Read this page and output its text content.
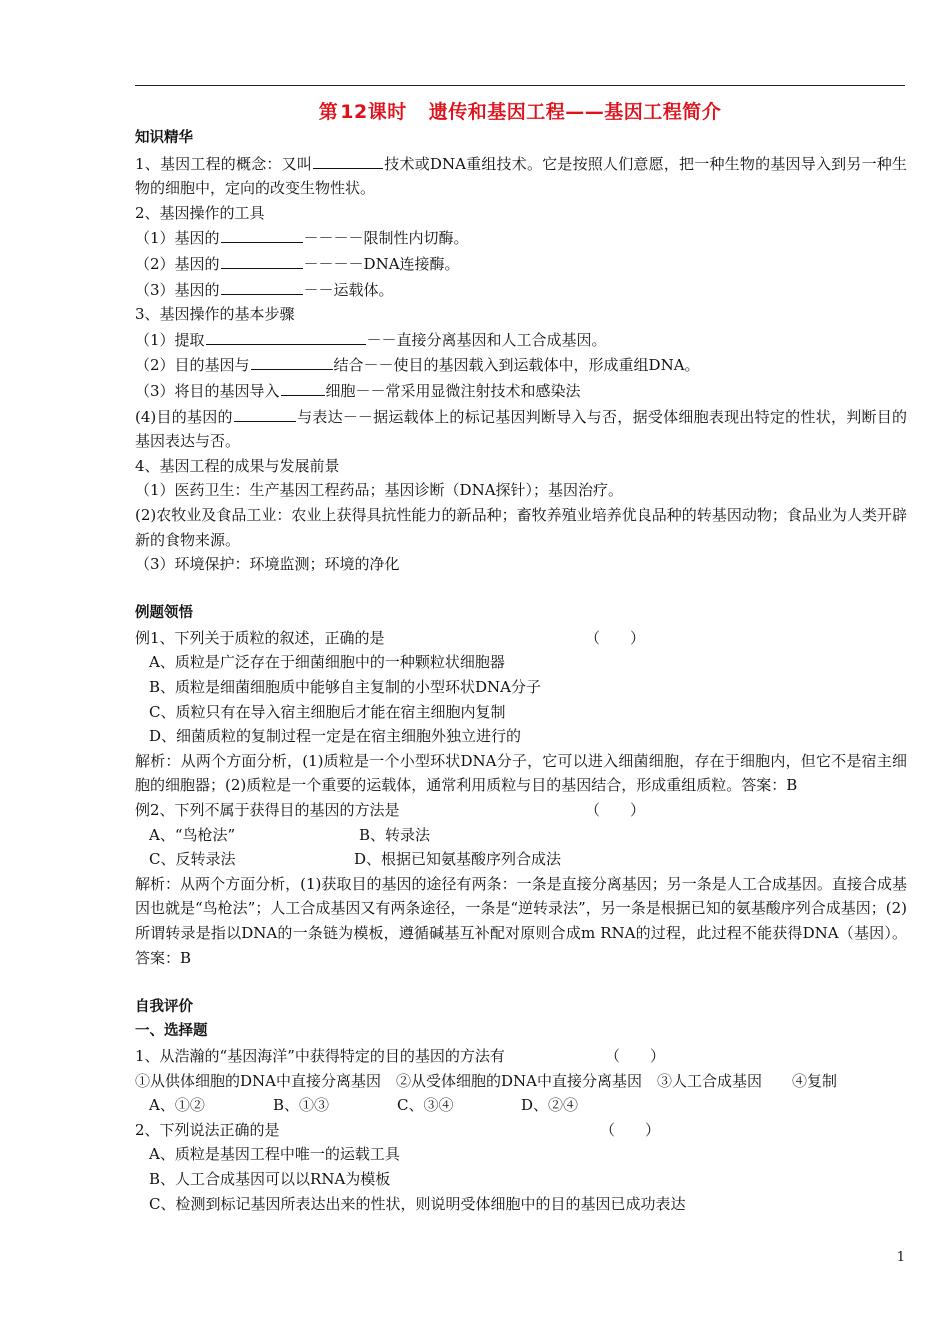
第 12课时 遗传和基因工程——基因工程简介

知识精华

1、基因工程的概念：又叫	技术或DNA重组技术。它是按照人们意愿，把一种生物的基因导入到另一种生物的细胞中，定向的改变生物性状。

2、基因操作的工具

（1）基因的	－－－－限制性内切酶。

（2）基因的	－－－－DNA连接酶。

（3）基因的	－－运载体。

3、基因操作的基本步骤

（1）提取	－－直接分离基因和人工合成基因。

（2）目的基因与	结合－－使目的基因载入到运载体中，形成重组DNA。

（3）将目的基因导入	细胞－－常采用显微注射技术和感染法

(4)目的基因的	与表达－－据运载体上的标记基因判断导入与否，据受体细胞表现出特定的性状，判断目的基因表达与否。

4、基因工程的成果与发展前景

（1）医药卫生：生产基因工程药品；基因诊断（DNA探针）；基因治疗。

(2)农牧业及食品工业：农业上获得具抗性能力的新品种；畜牧养殖业培养优良品种的转基因动物；食品业为人类开辟新的食物来源。

（3）环境保护：环境监测；环境的净化

例题领悟

例1、下列关于质粒的叙述，正确的是	（　　）

A、质粒是广泛存在于细菌细胞中的一种颗粒状细胞器

B、质粒是细菌细胞质中能够自主复制的小型环状DNA分子

C、质粒只有在导入宿主细胞后才能在宿主细胞内复制

D、细菌质粒的复制过程一定是在宿主细胞外独立进行的

解析：从两个方面分析，(1)质粒是一个小型环状DNA分子，它可以进入细菌细胞，存在于细胞内，但它不是宿主细胞的细胞器；(2)质粒是一个重要的运载体，通常利用质粒与目的基因结合，形成重组质粒。答案：B

例2、下列不属于获得目的基因的方法是	（　　）

A、“鸟枪法”	B、转录法

C、反转录法	D、根据已知氨基酸序列合成法

解析：从两个方面分析，(1)获取目的基因的途径有两条：一条是直接分离基因；另一条是人工合成基因。直接合成基因也就是“鸟枪法”；人工合成基因又有两条途径，一条是“逆转录法”，另一条是根据已知的氨基酸序列合成基因；(2)所谓转录是指以DNA的一条链为模板，遵循碱基互补配对原则合成m RNA的过程，此过程不能获得DNA（基因）。答案：B

自我评价

一、选择题

1、从浩瀚的“基因海洋”中获得特定的目的基因的方法有	（　　）

①从供体细胞的DNA中直接分离基因　②从受体细胞的DNA中直接分离基因　③人工合成基因　　④复制

A、①②	B、①③	C、③④	D、②④

2、下列说法正确的是	（　　）

A、质粒是基因工程中唯一的运载工具

B、人工合成基因可以以RNA为模板

C、检测到标记基因所表达出来的性状，则说明受体细胞中的目的基因已成功表达

1
